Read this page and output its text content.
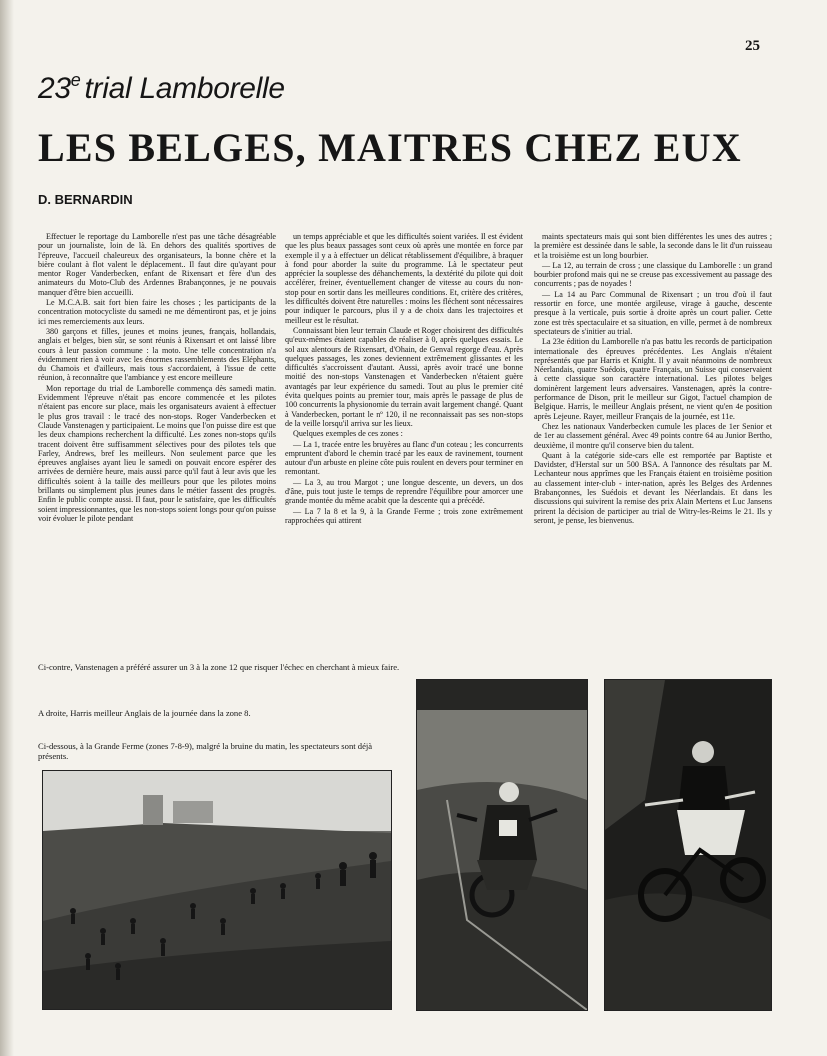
25
23e trial Lamborelle
LES BELGES, MAITRES CHEZ EUX
D. BERNARDIN

Effectuer le reportage du Lamborelle n'est pas une tâche désagréable pour un journaliste, loin de là. En dehors des qualités sportives de l'épreuve, l'accueil chaleureux des organisateurs, la bonne chère et la bière coulant à flot valent le déplacement.. Il faut dire qu'ayant pour mentor Roger Vanderbecken, enfant de Rixensart et fère d'un des animateurs du Moto-Club des Ardennes Brabançonnes, je ne pouvais manquer d'être bien accueilli.

Le M.C.A.B. sait fort bien faire les choses ; les participants de la concentration motocycliste du samedi ne me démentiront pas, et je joins ici mes remerciements aux leurs.

380 garçons et filles, jeunes et moins jeunes, français, hollandais, anglais et belges, bien sûr, se sont réunis à Rixensart et ont laissé libre cours à leur passion commune : la moto. Une telle concentration n'a évidemment rien à voir avec les énormes rassemblements des Eléphants, du Chamois et d'ailleurs, mais tous s'accordaient, à l'issue de cette réunion, à reconnaître que l'ambiance y est encore meilleure

Mon reportage du trial de Lamborelle commença dès samedi matin. Evidemment l'épreuve n'était pas encore commencée et les pilotes n'étaient pas encore sur place, mais les organisateurs avaient à effectuer le plus gros travail : le tracé des non-stops. Roger Vanderbecken et Claude Vanstenagen y participaient. Le moins que l'on puisse dire est que les deux champions recherchent la difficulté. Les zones non-stops qu'ils tracent doivent être suffisamment sélectives pour des pilotes tels que Farley, Andrews, bref les meilleurs. Non seulement parce que les épreuves anglaises ayant lieu le samedi on pouvait encore espérer des arrivées de dernière heure, mais aussi parce qu'il faut à leur avis que les difficultés soient à la taille des meilleurs pour que les pilotes moins brillants ou simplement plus jeunes dans le métier fassent des progrès. Enfin le public compte aussi. Il faut, pour le satisfaire, que les difficultés soient impressionnantes, que les non-stops soient longs pour qu'on puisse voir évoluer le pilote pendant

un temps appréciable et que les difficultés soient variées. Il est évident que les plus beaux passages sont ceux où après une montée en force par exemple il y a à effectuer un délicat rétablissement d'équilibre, à braquer à fond pour aborder la suite du programme. Là le spectateur peut apprécier la souplesse des déhanchements, la dextérité du pilote qui doit accélérer, freiner, éventuellement changer de vitesse au cours du non-stop pour en sortir dans les meilleures conditions. Et, critère des critères, les difficultés doivent être naturelles : moins les fléchent sont nécessaires pour indiquer le parcours, plus il y a de choix dans les trajectoires et meilleur est le résultat.

Connaissant bien leur terrain Claude et Roger choisirent des difficultés qu'eux-mêmes étaient capables de réaliser à 0, après quelques essais. Le sol aux alentours de Rixensart, d'Ohain, de Genval regorge d'eau. Après quelques passages, les zones deviennent extrêmement glissantes et les difficultés s'accroissent d'autant. Aussi, après avoir tracé une bonne moitié des non-stops Vanstenagen et Vanderbecken n'étaient guère avantagés par leur expérience du samedi. Tout au plus le premier cité évita quelques points au premier tour, mais après le passage de plus de 100 concurrents la physionomie du terrain avait largement changé. Quant à Vanderbecken, portant le nº 120, il ne reconnaissait pas ses non-stops de la veille lorsqu'il arriva sur les lieux.

Quelques exemples de ces zones :

— La 1, tracée entre les bruyères au flanc d'un coteau ; les concurrents empruntent d'abord le chemin tracé par les eaux de ravinement, tournent autour d'un arbuste en pleine côte puis roulent en devers pour terminer en remontant.

— La 3, au trou Margot ; une longue descente, un devers, un dos d'âne, puis tout juste le temps de reprendre l'équilibre pour amorcer une grande montée du même acabit que la descente qui a précédé.

— La 7 la 8 et la 9, à la Grande Ferme ; trois zone extrêmement rapprochées qui attirent

maints spectateurs mais qui sont bien différentes les unes des autres ; la première est dessinée dans le sable, la seconde dans le lit d'un ruisseau et la troisième est un long bourbier.

— La 12, au terrain de cross ; une classique du Lamborelle : un grand bourbier profond mais qui ne se creuse pas excessivement au passage des concurrents ; pas de noyades !

— La 14 au Parc Communal de Rixensart ; un trou d'où il faut ressortir en force, une montée argileuse, virage à gauche, descente presque à la verticale, puis sortie à droite après un court palier. Cette zone est très spectaculaire et sa situation, en ville, permet à de nombreux spectateurs de s'initier au trial.

La 23e édition du Lamborelle n'a pas battu les records de participation internationale des épreuves précédentes. Les Anglais n'étaient représentés que par Harris et Knight. Il y avait néanmoins de nombreux Néerlandais, quatre Suédois, quatre Français, un Suisse qui conservaient à cette classique son caractère international. Les pilotes belges dominèrent largement leurs adversaires. Vanstenagen, après la contre-performance de Dison, prit le meilleur sur Gigot, l'actuel champion de Belgique. Harris, le meilleur Anglais présent, ne vient qu'en 4e position après Lejeune. Rayer, meilleur Français de la journée, est 11e.

Chez les nationaux Vanderbecken cumule les places de 1er Senior et de 1er au classement général. Avec 49 points contre 64 au Junior Bertho, deuxième, il montre qu'il conserve bien du talent.

Quant à la catégorie side-cars elle est remportée par Baptiste et Davidster, d'Herstal sur un 500 BSA. A l'annonce des résultats par M. Lechanteur nous apprîmes que les Français étaient en troisième position au classement inter-club - inter-nation, après les Belges des Ardennes Brabançonnes, les Suédois et devant les Néerlandais. Et dans les discussions qui suivirent la remise des prix Alain Mertens et Luc Jansens prirent la décision de participer au trial de Witry-les-Reims le 21. Ils y seront, je pense, les bienvenus.

Ci-contre, Vanstenagen a préféré assurer un 3 à la zone 12 que risquer l'échec en cherchant à mieux faire.
A droite, Harris meilleur Anglais de la journée dans la zone 8.
Ci-dessous, à la Grande Ferme (zones 7-8-9), malgré la bruine du matin, les spectateurs sont déjà présents.
